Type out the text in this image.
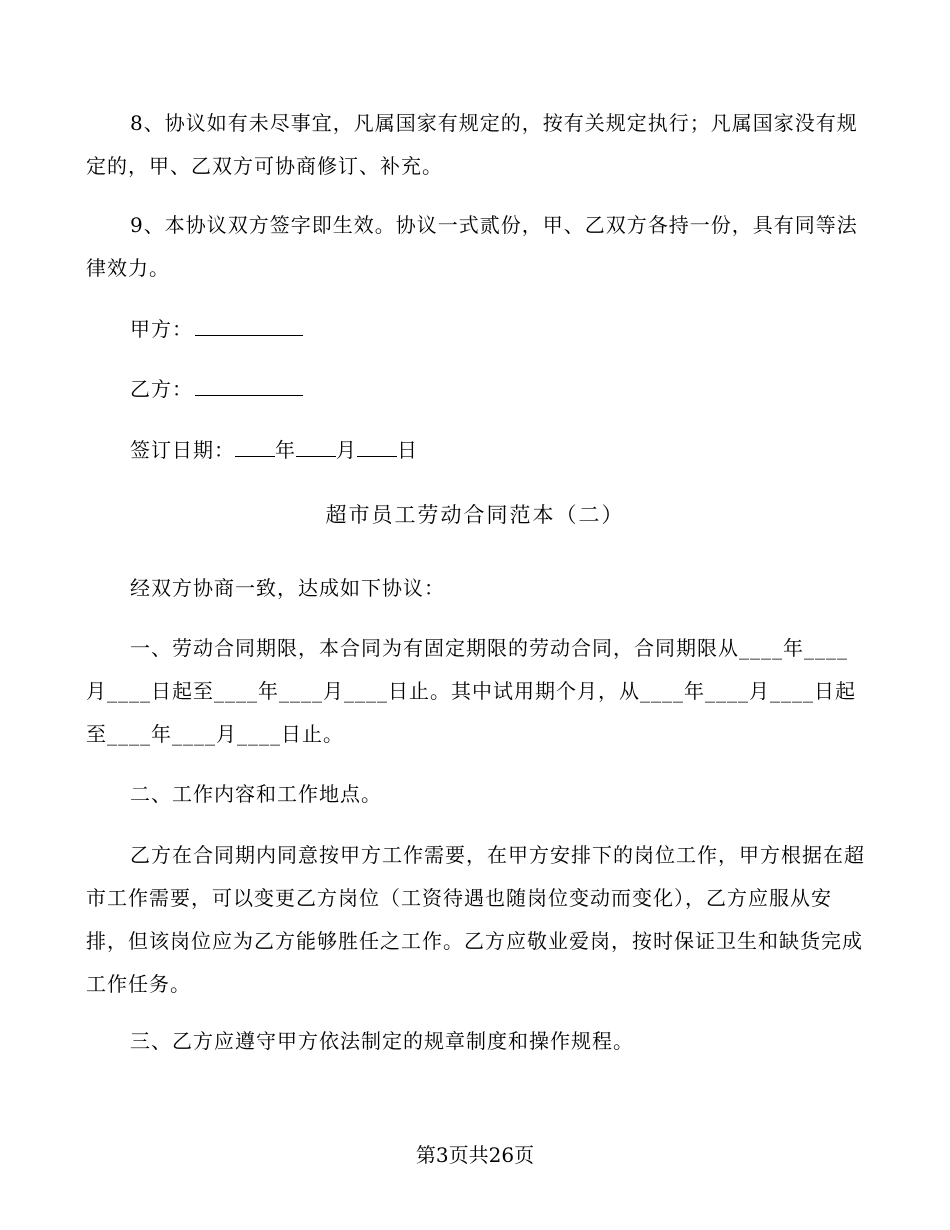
8、协议如有未尽事宜，凡属国家有规定的，按有关规定执行；凡属国家没有规定的，甲、乙双方可协商修订、补充。
9、本协议双方签字即生效。协议一式贰份，甲、乙双方各持一份，具有同等法律效力。
甲方：
乙方：
签订日期： 年 月 日
超市员工劳动合同范本（二）
经双方协商一致，达成如下协议：
一、劳动合同期限，本合同为有固定期限的劳动合同，合同期限从____年____月____日起至____年____月____日止。其中试用期个月，从____年____月____日起至____年____月____日止。
二、工作内容和工作地点。
乙方在合同期内同意按甲方工作需要，在甲方安排下的岗位工作，甲方根据在超市工作需要，可以变更乙方岗位（工资待遇也随岗位变动而变化），乙方应服从安排，但该岗位应为乙方能够胜任之工作。乙方应敬业爱岗，按时保证卫生和缺货完成工作任务。
三、乙方应遵守甲方依法制定的规章制度和操作规程。
第3页共26页
